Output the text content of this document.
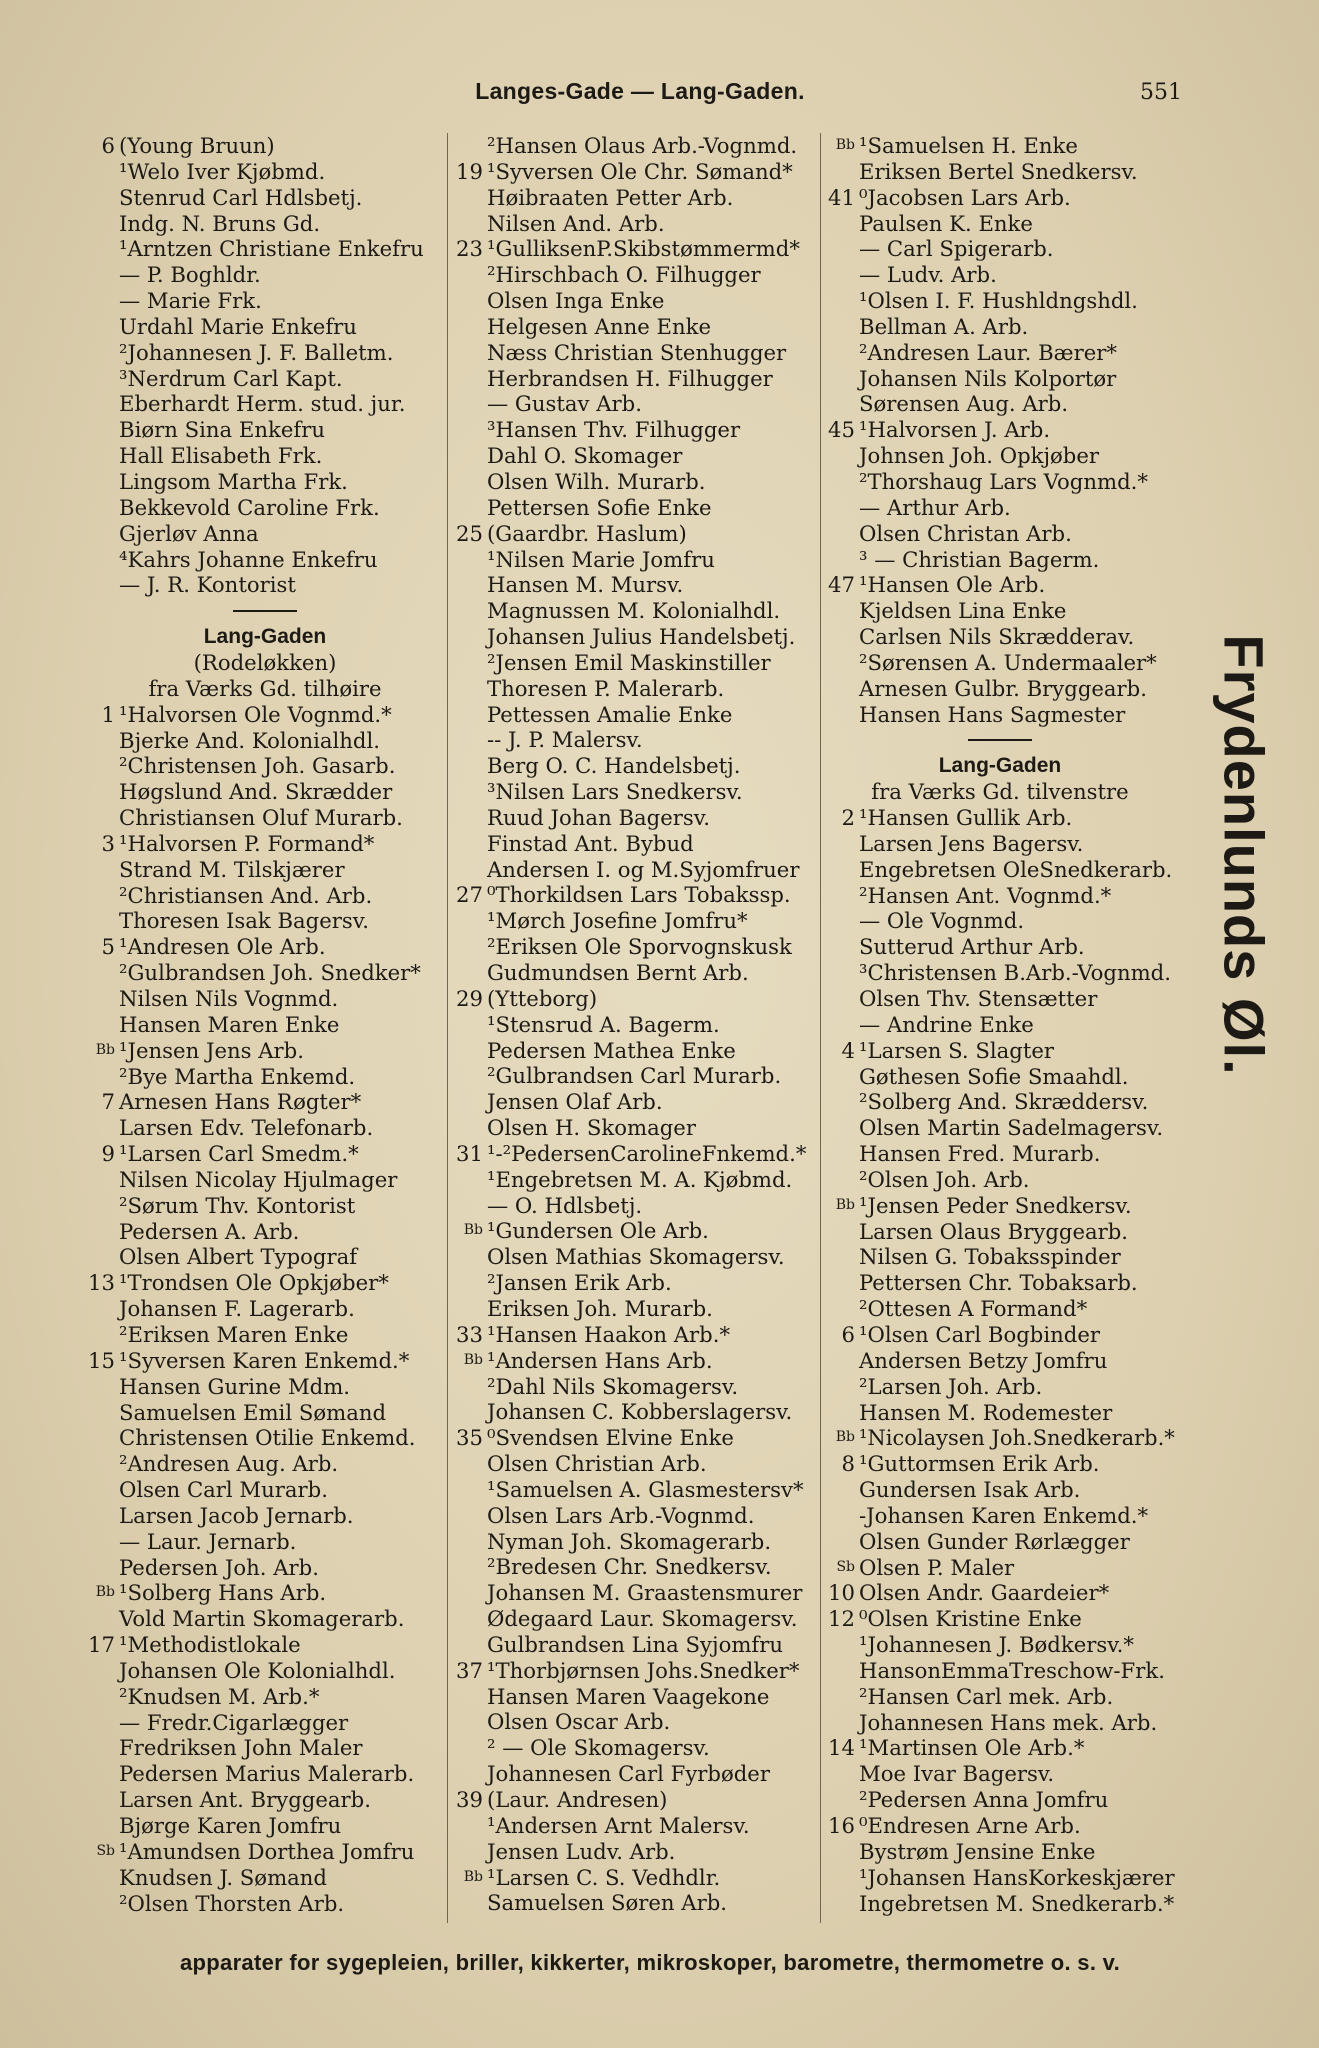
Langes-Gade — Lang-Gaden.	551
6 (Young Bruun)
¹Welo Iver Kjøbmd.
Stenrud Carl Hdlsbetj.
Indg. N. Bruns Gd.
¹Arntzen Christiane Enkefru
— P. Boghldr.
— Marie Frk.
Urdahl Marie Enkefru
²Johannesen J. F. Balletm.
³Nerdrum Carl Kapt.
Eberhardt Herm. stud. jur.
Biørn Sina Enkefru
Hall Elisabeth Frk.
Lingsom Martha Frk.
Bekkevold Caroline Frk.
Gjerløv Anna
⁴Kahrs Johanne Enkefru
— J. R. Kontorist
Lang-Gaden
(Rodeløkken)
fra Værks Gd. tilhøire
1 ¹Halvorsen Ole Vognmd.*
Bjerke And. Kolonialhdl.
²Christensen Joh. Gasarb.
Høgslund And. Skrædder
Christiansen Oluf Murarb.
3 ¹Halvorsen P. Formand*
Strand M. Tilskjærer
²Christiansen And. Arb.
Thoresen Isak Bagersv.
5 ¹Andresen Ole Arb.
²Gulbrandsen Joh. Snedker*
Nilsen Nils Vognmd.
Hansen Maren Enke
Bb ¹Jensen Jens Arb.
²Bye Martha Enkemd.
7 Arnesen Hans Røgter*
Larsen Edv. Telefonarb.
9 ¹Larsen Carl Smedm.*
Nilsen Nicolay Hjulmager
²Sørum Thv. Kontorist
Pedersen A. Arb.
Olsen Albert Typograf
13 ¹Trondsen Ole Opkjøber*
Johansen F. Lagerarb.
²Eriksen Maren Enke
15 ¹Syversen Karen Enkemd.*
Hansen Gurine Mdm.
Samuelsen Emil Sømand
Christensen Otilie Enkemd.
²Andresen Aug. Arb.
Olsen Carl Murarb.
Larsen Jacob Jernarb.
— Laur. Jernarb.
Pedersen Joh. Arb.
Bb ¹Solberg Hans Arb.
Vold Martin Skomagerarb.
17 ¹Methodistlokale
Johansen Ole Kolonialhdl.
²Knudsen M. Arb.*
— Fredr.Cigarlægger
Fredriksen John Maler
Pedersen Marius Malerarb.
Larsen Ant. Bryggearb.
Bjørge Karen Jomfru
Sb ¹Amundsen Dorthea Jomfru
Knudsen J. Sømand
²Olsen Thorsten Arb.
²Hansen Olaus Arb.-Vognmd.
19 ¹Syversen Ole Chr. Sømand*
Høibraaten Petter Arb.
Nilsen And. Arb.
23 ¹GulliksenP.Skibstømmermd*
²Hirschbach O. Filhugger
Olsen Inga Enke
Helgesen Anne Enke
Næss Christian Stenhugger
Herbrandsen H. Filhugger
— Gustav Arb.
³Hansen Thv. Filhugger
Dahl O. Skomager
Olsen Wilh. Murarb.
Pettersen Sofie Enke
25 (Gaardbr. Haslum)
¹Nilsen Marie Jomfru
Hansen M. Mursv.
Magnussen M. Kolonialhdl.
Johansen Julius Handelsbetj.
²Jensen Emil Maskinstiller
Thoresen P. Malerarb.
Pettessen Amalie Enke
-- J. P. Malersv.
Berg O. C. Handelsbetj.
³Nilsen Lars Snedkersv.
Ruud Johan Bagersv.
Finstad Ant. Bybud
Andersen I. og M.Syjomfruer
27 ⁰Thorkildsen Lars Tobakssp.
¹Mørch Josefine Jomfru*
²Eriksen Ole Sporvognskusk
Gudmundsen Bernt Arb.
29 (Ytteborg)
¹Stensrud A. Bagerm.
Pedersen Mathea Enke
²Gulbrandsen Carl Murarb.
Jensen Olaf Arb.
Olsen H. Skomager
31 ¹-²PedersenCarolineFnkemd.*
¹Engebretsen M. A. Kjøbmd.
— O. Hdlsbetj.
Bb ¹Gundersen Ole Arb.
Olsen Mathias Skomagersv.
²Jansen Erik Arb.
Eriksen Joh. Murarb.
33 ¹Hansen Haakon Arb.*
Bb ¹Andersen Hans Arb.
²Dahl Nils Skomagersv.
Johansen C. Kobberslagersv.
35 ⁰Svendsen Elvine Enke
Olsen Christian Arb.
¹Samuelsen A. Glasmestersv*
Olsen Lars Arb.-Vognmd.
Nyman Joh. Skomagerarb.
²Bredesen Chr. Snedkersv.
Johansen M. Graastensmurer
Ødegaard Laur. Skomagersv.
Gulbrandsen Lina Syjomfru
37 ¹Thorbjørnsen Johs.Snedker*
Hansen Maren Vaagekone
Olsen Oscar Arb.
² — Ole Skomagersv.
Johannesen Carl Fyrbøder
39 (Laur. Andresen)
¹Andersen Arnt Malersv.
Jensen Ludv. Arb.
Bb ¹Larsen C. S. Vedhdlr.
Samuelsen Søren Arb.
Bb ¹Samuelsen H. Enke
Eriksen Bertel Snedkersv.
41 ⁰Jacobsen Lars Arb.
Paulsen K. Enke
— Carl Spigerarb.
— Ludv. Arb.
¹Olsen I. F. Hushldngshdl.
Bellman A. Arb.
²Andresen Laur. Bærer*
Johansen Nils Kolportør
Sørensen Aug. Arb.
45 ¹Halvorsen J. Arb.
Johnsen Joh. Opkjøber
²Thorshaug Lars Vognmd.*
— Arthur Arb.
Olsen Christan Arb.
³ — Christian Bagerm.
47 ¹Hansen Ole Arb.
Kjeldsen Lina Enke
Carlsen Nils Skrædderav.
²Sørensen A. Undermaaler*
Arnesen Gulbr. Bryggearb.
Hansen Hans Sagmester
Lang-Gaden
fra Værks Gd. tilvenstre
2 ¹Hansen Gullik Arb.
Larsen Jens Bagersv.
Engebretsen OleSnedkerarb.
²Hansen Ant. Vognmd.*
— Ole Vognmd.
Sutterud Arthur Arb.
³Christensen B.Arb.-Vognmd.
Olsen Thv. Stensætter
— Andrine Enke
4 ¹Larsen S. Slagter
Gøthesen Sofie Smaahdl.
²Solberg And. Skræddersv.
Olsen Martin Sadelmagersv.
Hansen Fred. Murarb.
²Olsen Joh. Arb.
Bb ¹Jensen Peder Snedkersv.
Larsen Olaus Bryggearb.
Nilsen G. Tobaksspinder
Pettersen Chr. Tobaksarb.
²Ottesen A Formand*
6 ¹Olsen Carl Bogbinder
Andersen Betzy Jomfru
²Larsen Joh. Arb.
Hansen M. Rodemester
Bb ¹Nicolaysen Joh.Snedkerarb.*
8 ¹Guttormsen Erik Arb.
Gundersen Isak Arb.
-Johansen Karen Enkemd.*
Olsen Gunder Rørlægger
Sb Olsen P. Maler
10 Olsen Andr. Gaardeier*
12 ⁰Olsen Kristine Enke
¹Johannesen J. Bødkersv.*
HansonEmmaTreschow-Frk.
²Hansen Carl mek. Arb.
Johannesen Hans mek. Arb.
14 ¹Martinsen Ole Arb.*
Moe Ivar Bagersv.
²Pedersen Anna Jomfru
16 ⁰Endresen Arne Arb.
Bystrøm Jensine Enke
¹Johansen HansKorkeskjærer
Ingebretsen M. Snedkerarb.*
Frydenlunds Øl.
apparater for sygepleien, briller, kikkerter, mikroskoper, barometre, thermometre o. s. v.
